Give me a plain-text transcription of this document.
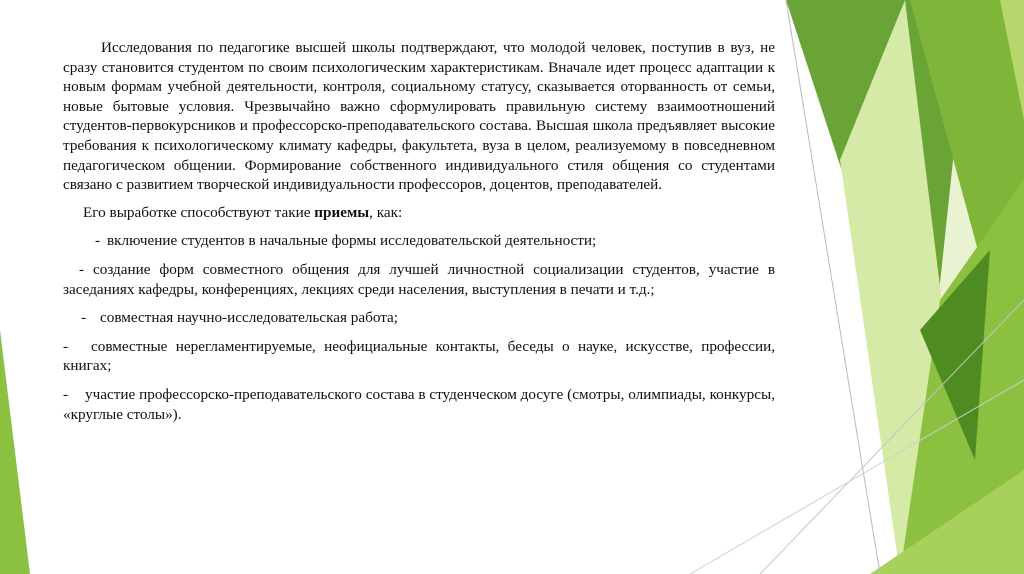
Исследования по педагогике высшей школы подтверждают, что молодой человек, поступив в вуз, не сразу становится студентом по своим психологическим характеристикам. Вначале идет процесс адаптации к новым формам учебной деятельности, контроля, социальному статусу, сказывается оторванность от семьи, новые бытовые условия. Чрезвычайно важно сформулировать правильную систему взаимоотношений студентов-первокурсников и профессорско-преподавательского состава. Высшая школа предъявляет высокие требования к психологическому климату кафедры, факультета, вуза в целом, реализуемому в повседневном педагогическом общении. Формирование собственного индивидуального стиля общения со студентами связано с развитием творческой индивидуальности профессоров, доцентов, преподавателей.

Его выработке способствуют такие приемы, как:

- включение студентов в начальные формы исследовательской деятельности;

- создание форм совместного общения для лучшей личностной социализации студентов, участие в заседаниях кафедры, конференциях, лекциях среди населения, выступления в печати и т.д.;

- совместная научно-исследовательская работа;

- совместные нерегламентируемые, неофициальные контакты, беседы о науке, искусстве, профессии, книгах;

- участие профессорско-преподавательского состава в студенческом досуге (смотры, олимпиады, конкурсы, «круглые столы»).
